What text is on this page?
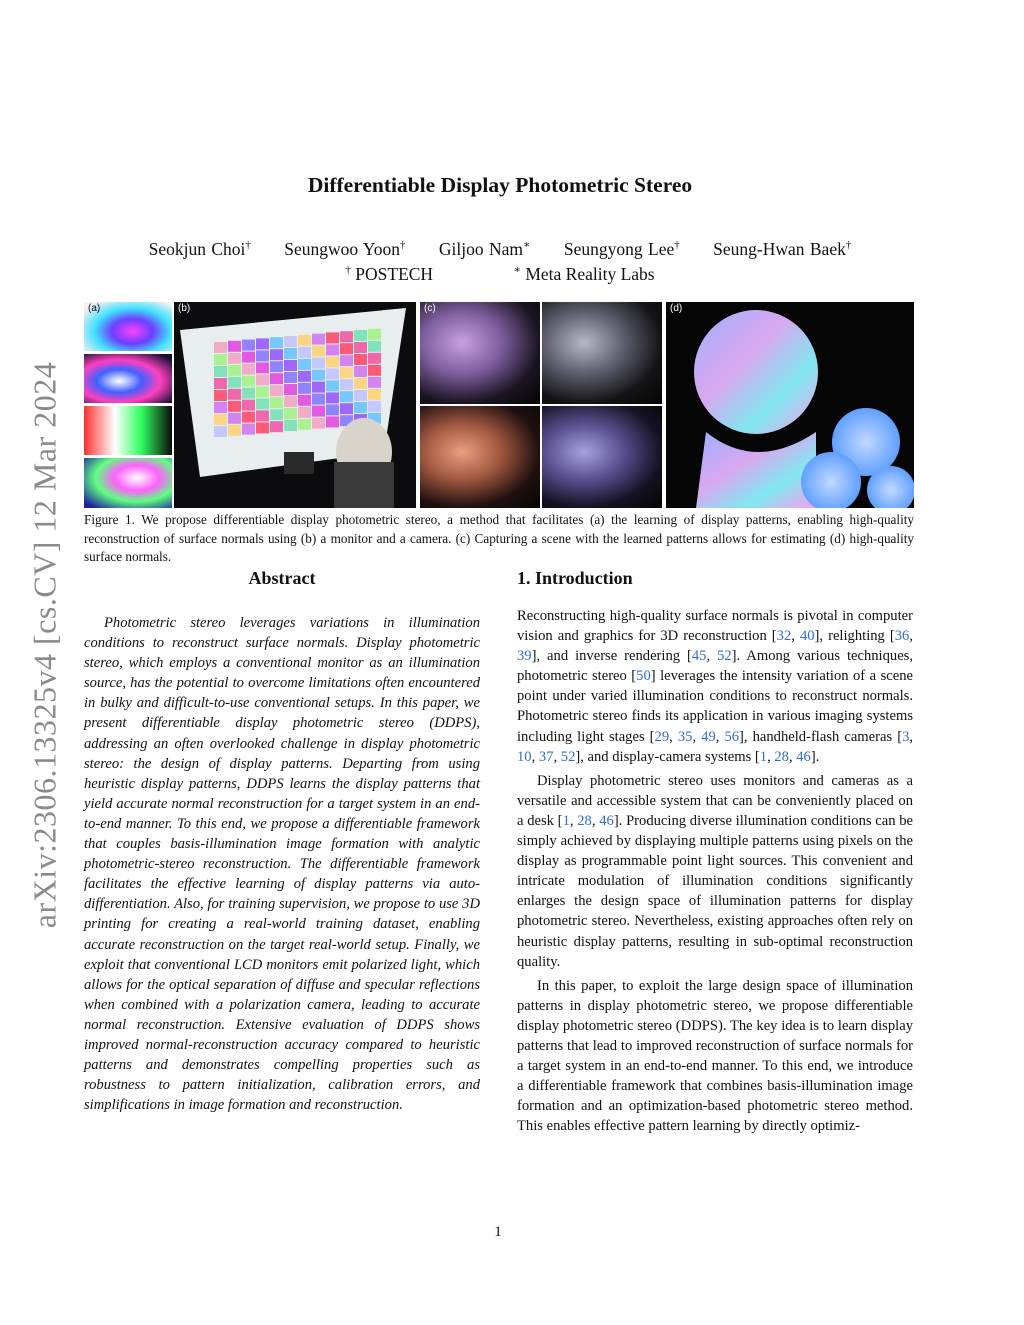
arXiv:2306.13325v4 [cs.CV] 12 Mar 2024
Differentiable Display Photometric Stereo
Seokjun Choi† Seungwoo Yoon† Giljoo Nam∗ Seungyong Lee† Seung-Hwan Baek†
† POSTECH	∗ Meta Reality Labs
(a)	(b)	(c)	(d)
Figure 1. We propose differentiable display photometric stereo, a method that facilitates (a) the learning of display patterns, enabling high-quality reconstruction of surface normals using (b) a monitor and a camera. (c) Capturing a scene with the learned patterns allows for estimating (d) high-quality surface normals.
Abstract	1. Introduction
Photometric stereo leverages variations in illumination conditions to reconstruct surface normals. Display photometric stereo, which employs a conventional monitor as an illumination source, has the potential to overcome limitations often encountered in bulky and difficult-to-use conventional setups. In this paper, we present differentiable display photometric stereo (DDPS), addressing an often overlooked challenge in display photometric stereo: the design of display patterns. Departing from using heuristic display patterns, DDPS learns the display patterns that yield accurate normal reconstruction for a target system in an end-to-end manner. To this end, we propose a differentiable framework that couples basis-illumination image formation with analytic photometric-stereo reconstruction. The differentiable framework facilitates the effective learning of display patterns via auto-differentiation. Also, for training supervision, we propose to use 3D printing for creating a real-world training dataset, enabling accurate reconstruction on the target real-world setup. Finally, we exploit that conventional LCD monitors emit polarized light, which allows for the optical separation of diffuse and specular reflections when combined with a polarization camera, leading to accurate normal reconstruction. Extensive evaluation of DDPS shows improved normal-reconstruction accuracy compared to heuristic patterns and demonstrates compelling properties such as robustness to pattern initialization, calibration errors, and simplifications in image formation and reconstruction.

Reconstructing high-quality surface normals is pivotal in computer vision and graphics for 3D reconstruction [32, 40], relighting [36, 39], and inverse rendering [45, 52]. Among various techniques, photometric stereo [50] leverages the intensity variation of a scene point under varied illumination conditions to reconstruct normals. Photometric stereo finds its application in various imaging systems including light stages [29, 35, 49, 56], handheld-flash cameras [3, 10, 37, 52], and display-camera systems [1, 28, 46].

Display photometric stereo uses monitors and cameras as a versatile and accessible system that can be conveniently placed on a desk [1, 28, 46]. Producing diverse illumination conditions can be simply achieved by displaying multiple patterns using pixels on the display as programmable point light sources. This convenient and intricate modulation of illumination conditions significantly enlarges the design space of illumination patterns for display photometric stereo. Nevertheless, existing approaches often rely on heuristic display patterns, resulting in sub-optimal reconstruction quality.

In this paper, to exploit the large design space of illumination patterns in display photometric stereo, we propose differentiable display photometric stereo (DDPS). The key idea is to learn display patterns that lead to improved reconstruction of surface normals for a target system in an end-to-end manner. To this end, we introduce a differentiable framework that combines basis-illumination image formation and an optimization-based photometric stereo method. This enables effective pattern learning by directly optimiz-

1
